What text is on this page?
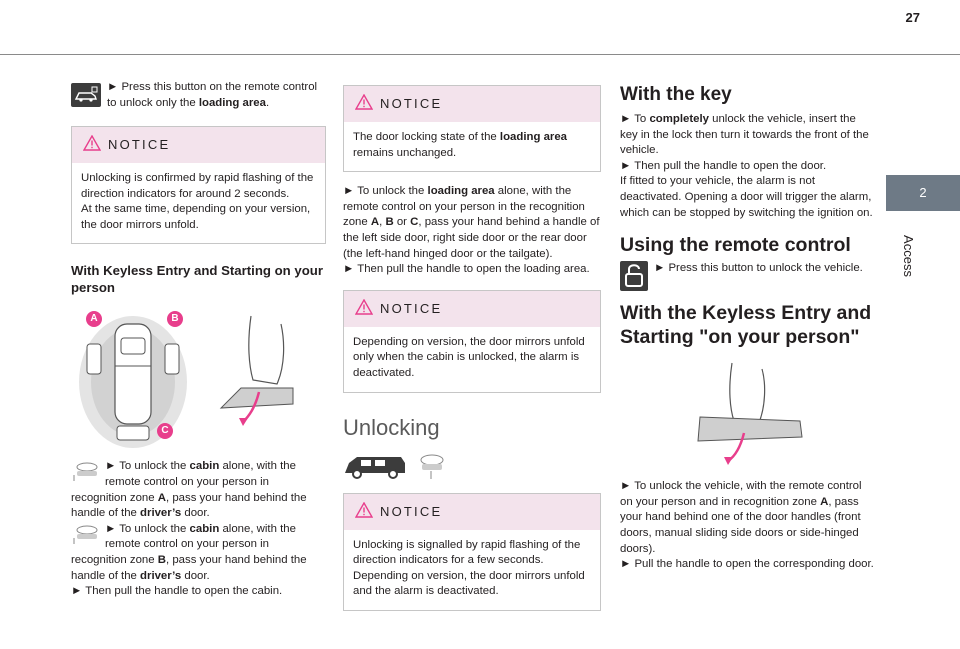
27
2
Access

► Press this button on the remote control to unlock only the loading area.

NOTICE

Unlocking is confirmed by rapid flashing of the direction indicators for around 2 seconds.

At the same time, depending on your version, the door mirrors unfold.

With Keyless Entry and Starting on your person
A	B
C

► To unlock the cabin alone, with the remote control on your person in recognition zone A, pass your hand behind the handle of the driver’s door.

► To unlock the cabin alone, with the remote control on your person in recognition zone B, pass your hand behind the handle of the driver’s door.

► Then pull the handle to open the cabin.

NOTICE

The door locking state of the loading area remains unchanged.

► To unlock the loading area alone, with the remote control on your person in the recognition zone A, B or C, pass your hand behind a handle of the left side door, right side door or the rear door (the left-hand hinged door or the tailgate).

► Then pull the handle to open the loading area.

NOTICE

Depending on version, the door mirrors unfold only when the cabin is unlocked, the alarm is deactivated.

Unlocking

NOTICE

Unlocking is signalled by rapid flashing of the direction indicators for a few seconds.

Depending on version, the door mirrors unfold and the alarm is deactivated.

With the key

► To completely unlock the vehicle, insert the key in the lock then turn it towards the front of the vehicle.

► Then pull the handle to open the door.

If fitted to your vehicle, the alarm is not deactivated. Opening a door will trigger the alarm, which can be stopped by switching the ignition on.

Using the remote control

► Press this button to unlock the vehicle.

With the Keyless Entry and Starting "on your person"

► To unlock the vehicle, with the remote control on your person and in recognition zone A, pass your hand behind one of the door handles (front doors, manual sliding side doors or side-hinged doors).

► Pull the handle to open the corresponding door.
